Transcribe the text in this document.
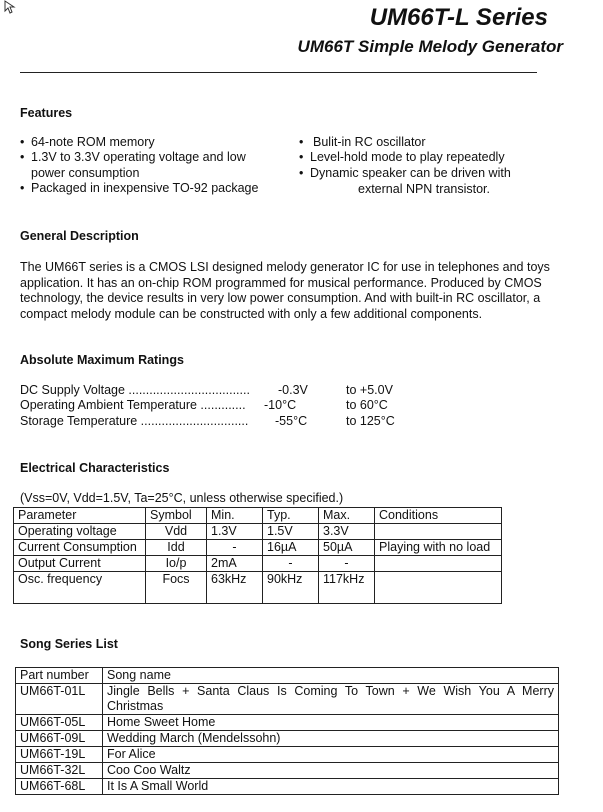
UM66T-L Series
UM66T Simple Melody Generator
Features
• 64-note ROM memory
• 1.3V to 3.3V operating voltage and low
power consumption
• Packaged in inexpensive TO-92 package
• Bulit-in RC oscillator
• Level-hold mode to play repeatedly
• Dynamic speaker can be driven with
external NPN transistor.
General Description
The UM66T series is a CMOS LSI designed melody generator IC for use in telephones and toys application. It has an on-chip ROM programmed for musical performance. Produced by CMOS technology, the device results in very low power consumption. And with built-in RC oscillator, a compact melody module can be constructed with only a few additional components.
Absolute Maximum Ratings
DC Supply Voltage ................................... -0.3V	to +5.0V
Operating Ambient Temperature ............. -10°C	to 60°C
Storage Temperature ............................... -55°C	to 125°C
Electrical Characteristics
(Vss=0V, Vdd=1.5V, Ta=25°C, unless otherwise specified.)
Parameter	Symbol	Min.	Typ.	Max.	Conditions
Operating voltage	Vdd	1.3V	1.5V	3.3V	
Current Consumption	Idd	-	16µA	50µA	Playing with no load
Output Current	Io/p	2mA	-	-	
Osc. frequency	Focs	63kHz	90kHz	117kHz	
Song Series List
Part number	Song name
UM66T-01L	Jingle Bells + Santa Claus Is Coming To Town + We Wish You A Merry Christmas
UM66T-05L	Home Sweet Home
UM66T-09L	Wedding March (Mendelssohn)
UM66T-19L	For Alice
UM66T-32L	Coo Coo Waltz
UM66T-68L	It Is A Small World
